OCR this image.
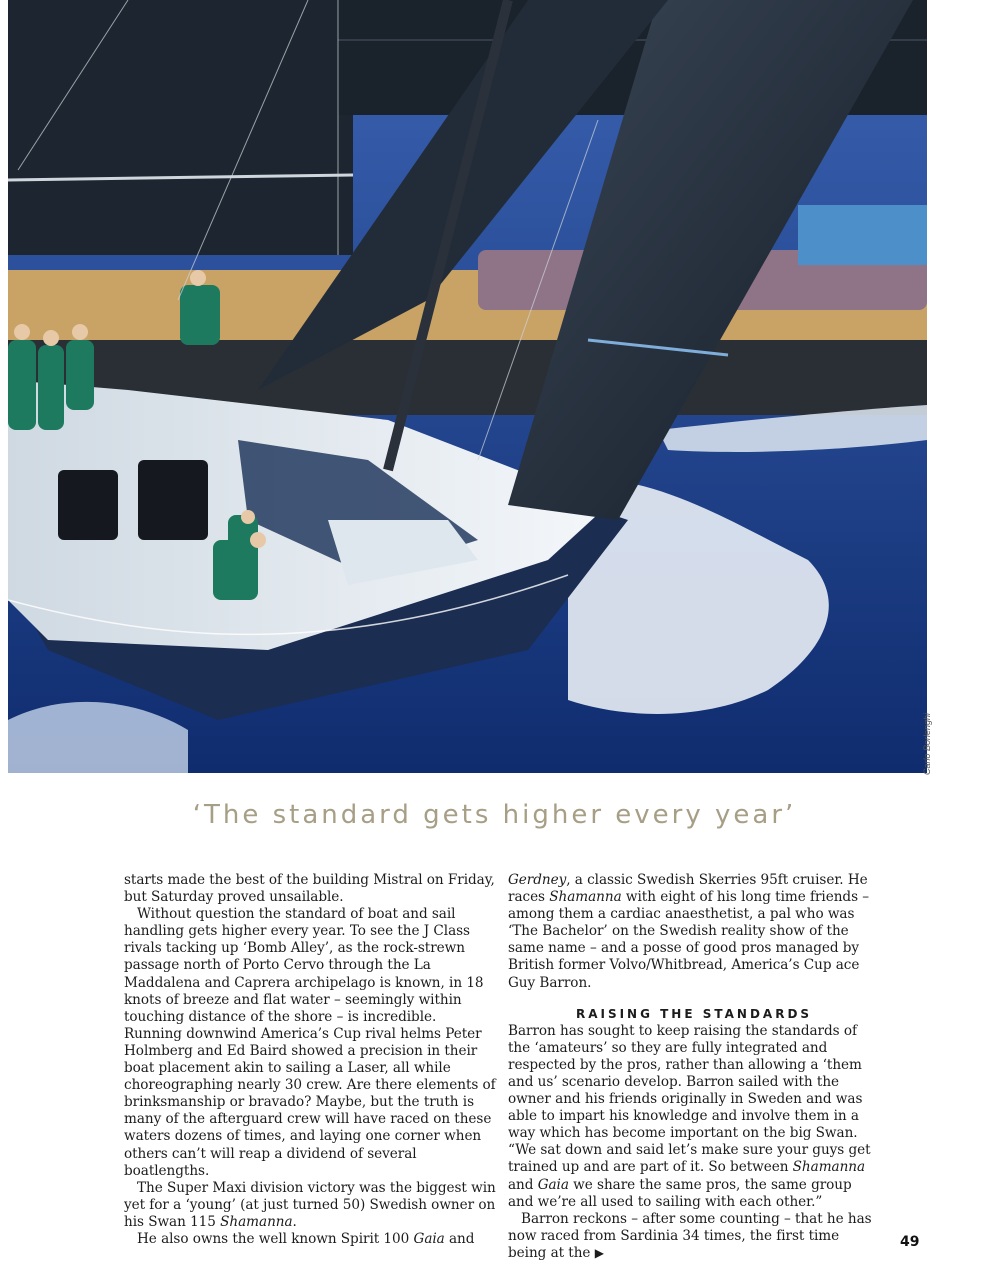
Carlo Borlenghi
‘The standard gets higher every year’

starts made the best of the building Mistral on Friday, but Saturday proved unsailable.

Without question the standard of boat and sail handling gets higher every year. To see the J Class rivals tacking up ‘Bomb Alley’, as the rock-strewn passage north of Porto Cervo through the La Maddalena and Caprera archipelago is known, in 18 knots of breeze and flat water – seemingly within touching distance of the shore – is incredible. Running downwind America’s Cup rival helms Peter Holmberg and Ed Baird showed a precision in their boat placement akin to sailing a Laser, all while choreographing nearly 30 crew. Are there elements of brinksmanship or bravado? Maybe, but the truth is many of the afterguard crew will have raced on these waters dozens of times, and laying one corner when others can’t will reap a dividend of several boatlengths.

The Super Maxi division victory was the biggest win yet for a ‘young’ (at just turned 50) Swedish owner on his Swan 115 Shamanna.

He also owns the well known Spirit 100 Gaia and

Gerdney, a classic Swedish Skerries 95ft cruiser. He races Shamanna with eight of his long time friends – among them a cardiac anaesthetist, a pal who was ‘The Bachelor’ on the Swedish reality show of the same name – and a posse of good pros managed by British former Volvo/Whitbread, America’s Cup ace Guy Barron.

RAISING THE STANDARDS

Barron has sought to keep raising the standards of the ‘amateurs’ so they are fully integrated and respected by the pros, rather than allowing a ‘them and us’ scenario develop. Barron sailed with the owner and his friends originally in Sweden and was able to impart his knowledge and involve them in a way which has become important on the big Swan. “We sat down and said let’s make sure your guys get trained up and are part of it. So between Shamanna and Gaia we share the same pros, the same group and we’re all used to sailing with each other.”

Barron reckons – after some counting – that he has now raced from Sardinia 34 times, the first time being at the ▶

49
